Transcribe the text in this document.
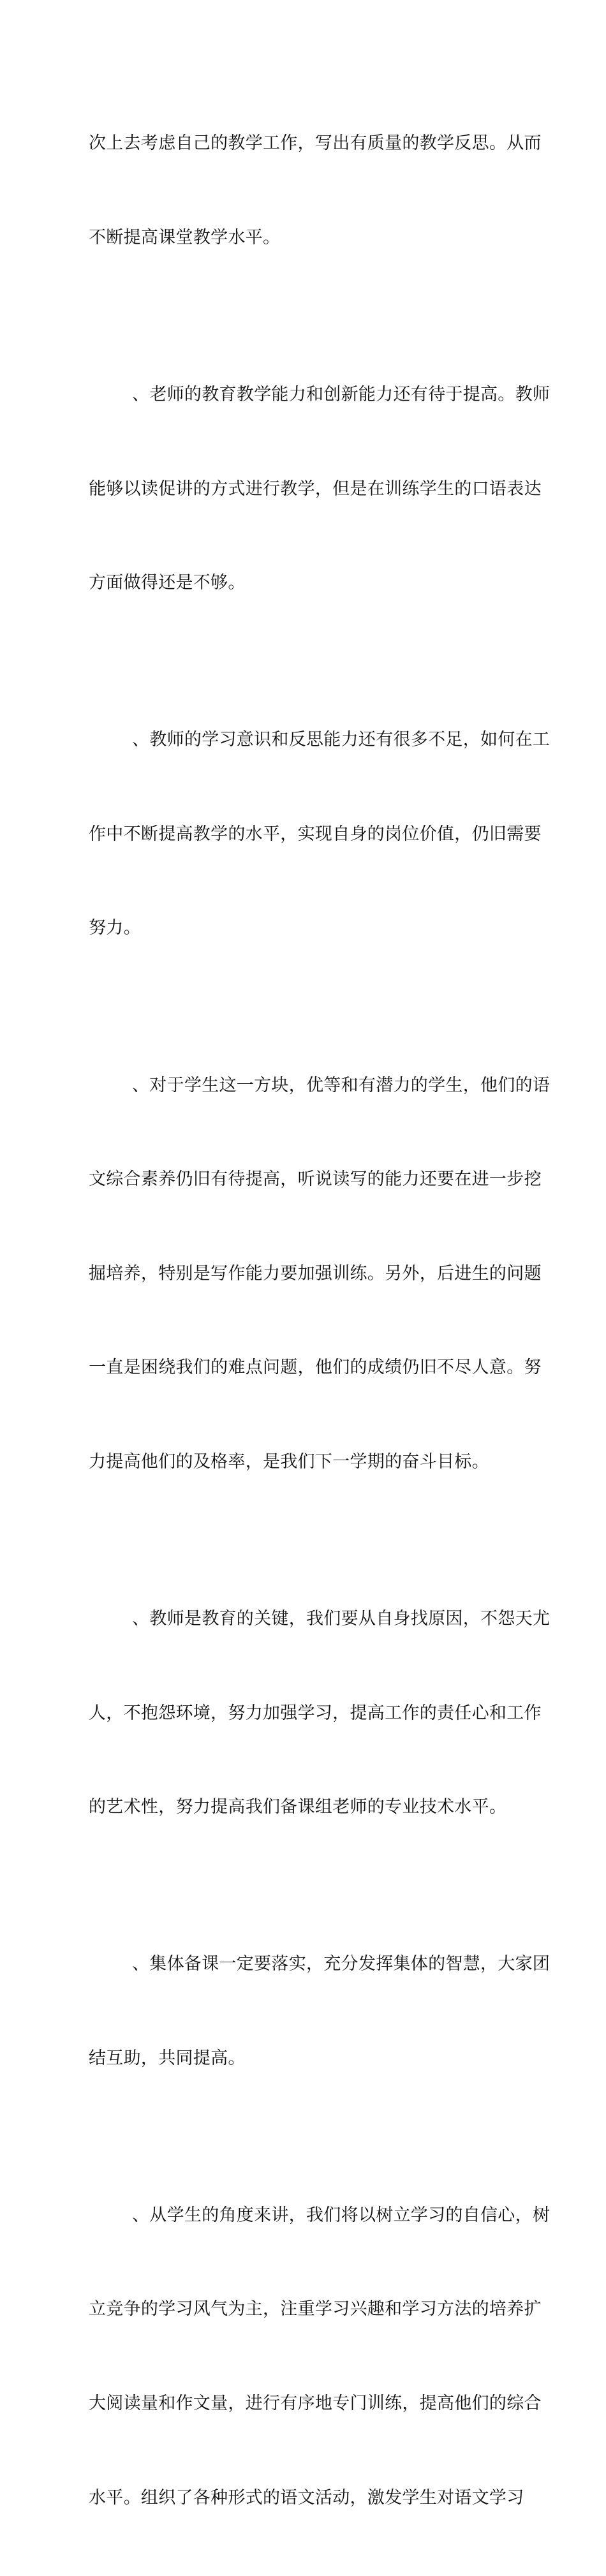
次上去考虑自己的教学工作，写出有质量的教学反思。从而

不断提高课堂教学水平。

、老师的教育教学能力和创新能力还有待于提高。教师

能够以读促讲的方式进行教学，但是在训练学生的口语表达

方面做得还是不够。

、教师的学习意识和反思能力还有很多不足，如何在工

作中不断提高教学的水平，实现自身的岗位价值，仍旧需要

努力。

、对于学生这一方块，优等和有潜力的学生，他们的语

文综合素养仍旧有待提高，听说读写的能力还要在进一步挖

掘培养，特别是写作能力要加强训练。另外，后进生的问题

一直是困绕我们的难点问题，他们的成绩仍旧不尽人意。努

力提高他们的及格率，是我们下一学期的奋斗目标。

、教师是教育的关键，我们要从自身找原因，不怨天尤

人，不抱怨环境，努力加强学习，提高工作的责任心和工作

的艺术性，努力提高我们备课组老师的专业技术水平。

、集体备课一定要落实，充分发挥集体的智慧，大家团

结互助，共同提高。

、从学生的角度来讲，我们将以树立学习的自信心，树

立竞争的学习风气为主，注重学习兴趣和学习方法的培养扩

大阅读量和作文量，进行有序地专门训练，提高他们的综合

水平。组织了各种形式的语文活动，激发学生对语文学习
